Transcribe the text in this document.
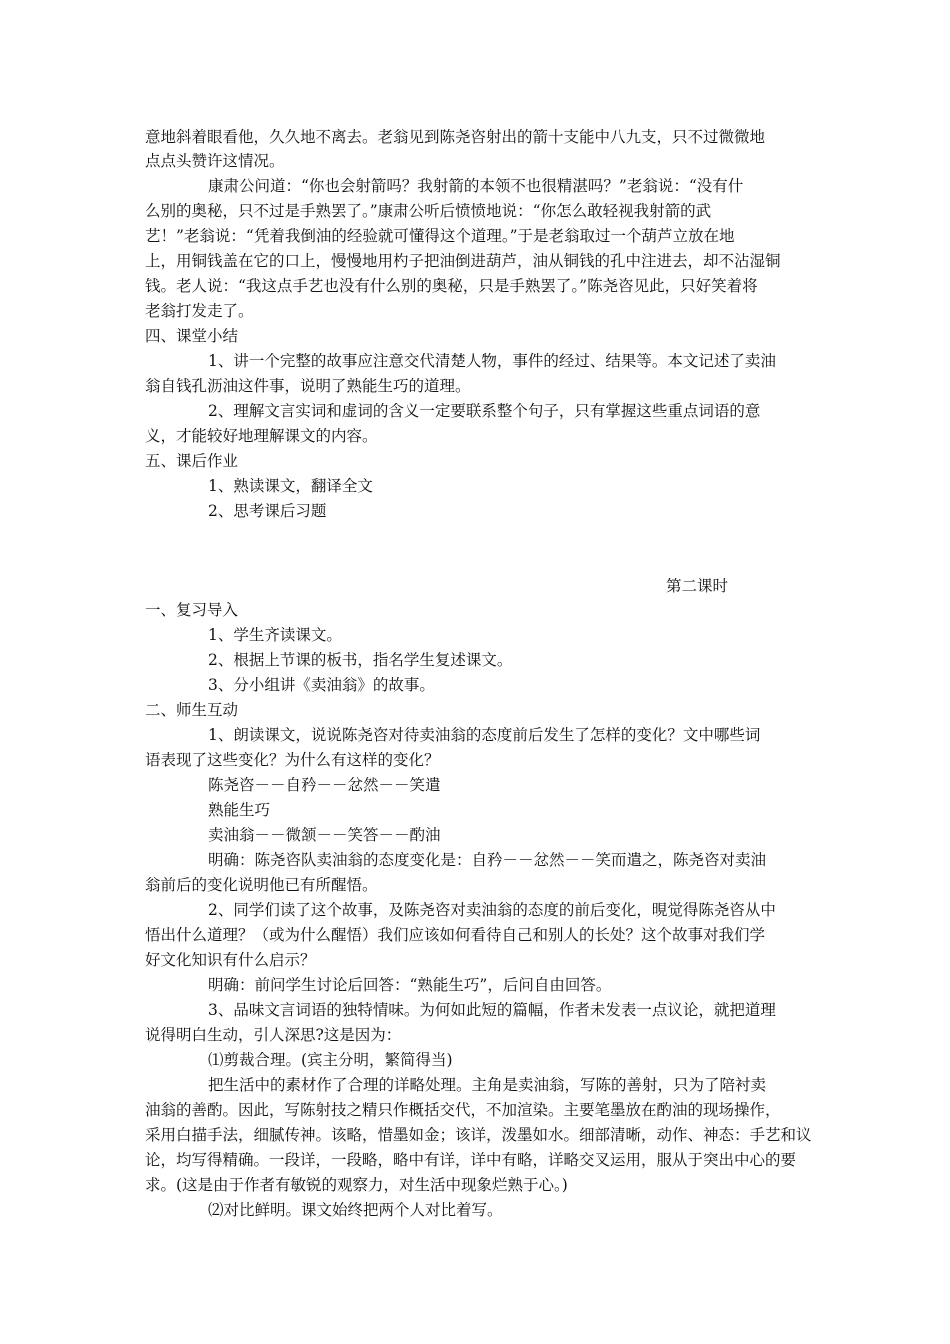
意地斜着眼看他，久久地不离去。老翁见到陈尧咨射出的箭十支能中八九支，只不过微微地
点点头赞许这情况。
康肃公问道：“你也会射箭吗？我射箭的本领不也很精湛吗？”老翁说：“没有什
么别的奥秘，只不过是手熟罢了。”康肃公听后愤愤地说：“你怎么敢轻视我射箭的武
艺！”老翁说：“凭着我倒油的经验就可懂得这个道理。”于是老翁取过一个葫芦立放在地
上，用铜钱盖在它的口上，慢慢地用杓子把油倒进葫芦，油从铜钱的孔中注进去，却不沾湿铜
钱。老人说：“我这点手艺也没有什么别的奥秘，只是手熟罢了。”陈尧咨见此，只好笑着将
老翁打发走了。
四、课堂小结
1、讲一个完整的故事应注意交代清楚人物，事件的经过、结果等。本文记述了卖油
翁自钱孔沥油这件事，说明了熟能生巧的道理。
2、理解文言实词和虚词的含义一定要联系整个句子，只有掌握这些重点词语的意
义，才能较好地理解课文的内容。
五、课后作业
1、熟读课文，翻译全文
2、思考课后习题
第二课时
一、复习导入
1、学生齐读课文。
2、根据上节课的板书，指名学生复述课文。
3、分小组讲《卖油翁》的故事。
二、师生互动
1、朗读课文，说说陈尧咨对待卖油翁的态度前后发生了怎样的变化？文中哪些词
语表现了这些变化？为什么有这样的变化？
陈尧咨－－自矜－－忿然－－笑遣
熟能生巧
卖油翁－－微颔－－笑答－－酌油
明确：陈尧咨队卖油翁的态度变化是：自矜－－忿然－－笑而遣之，陈尧咨对卖油
翁前后的变化说明他已有所醒悟。
2、同学们读了这个故事，及陈尧咨对卖油翁的态度的前后变化，晛觉得陈尧咨从中
悟出什么道理？（或为什么醒悟）我们应该如何看待自己和别人的长处？这个故事对我们学
好文化知识有什么启示？
明确：前问学生讨论后回答：“熟能生巧”，后问自由回答。
3、品味文言词语的独特情味。为何如此短的篇幅，作者未发表一点议论，就把道理
说得明白生动，引人深思?这是因为：
⑴剪裁合理。(宾主分明，繁简得当)
把生活中的素材作了合理的详略处理。主角是卖油翁，写陈的善射，只为了陪衬卖
油翁的善酌。因此，写陈射技之精只作概括交代，不加渲染。主要笔墨放在酌油的现场操作，
采用白描手法，细腻传神。该略，惜墨如金；该详，泼墨如水。细部清晰，动作、神态：手艺和议
论，均写得精确。一段详，一段略，略中有详，详中有略，详略交叉运用，服从于突出中心的要
求。(这是由于作者有敏锐的观察力，对生活中现象烂熟于心。)
⑵对比鲜明。课文始终把两个人对比着写。
